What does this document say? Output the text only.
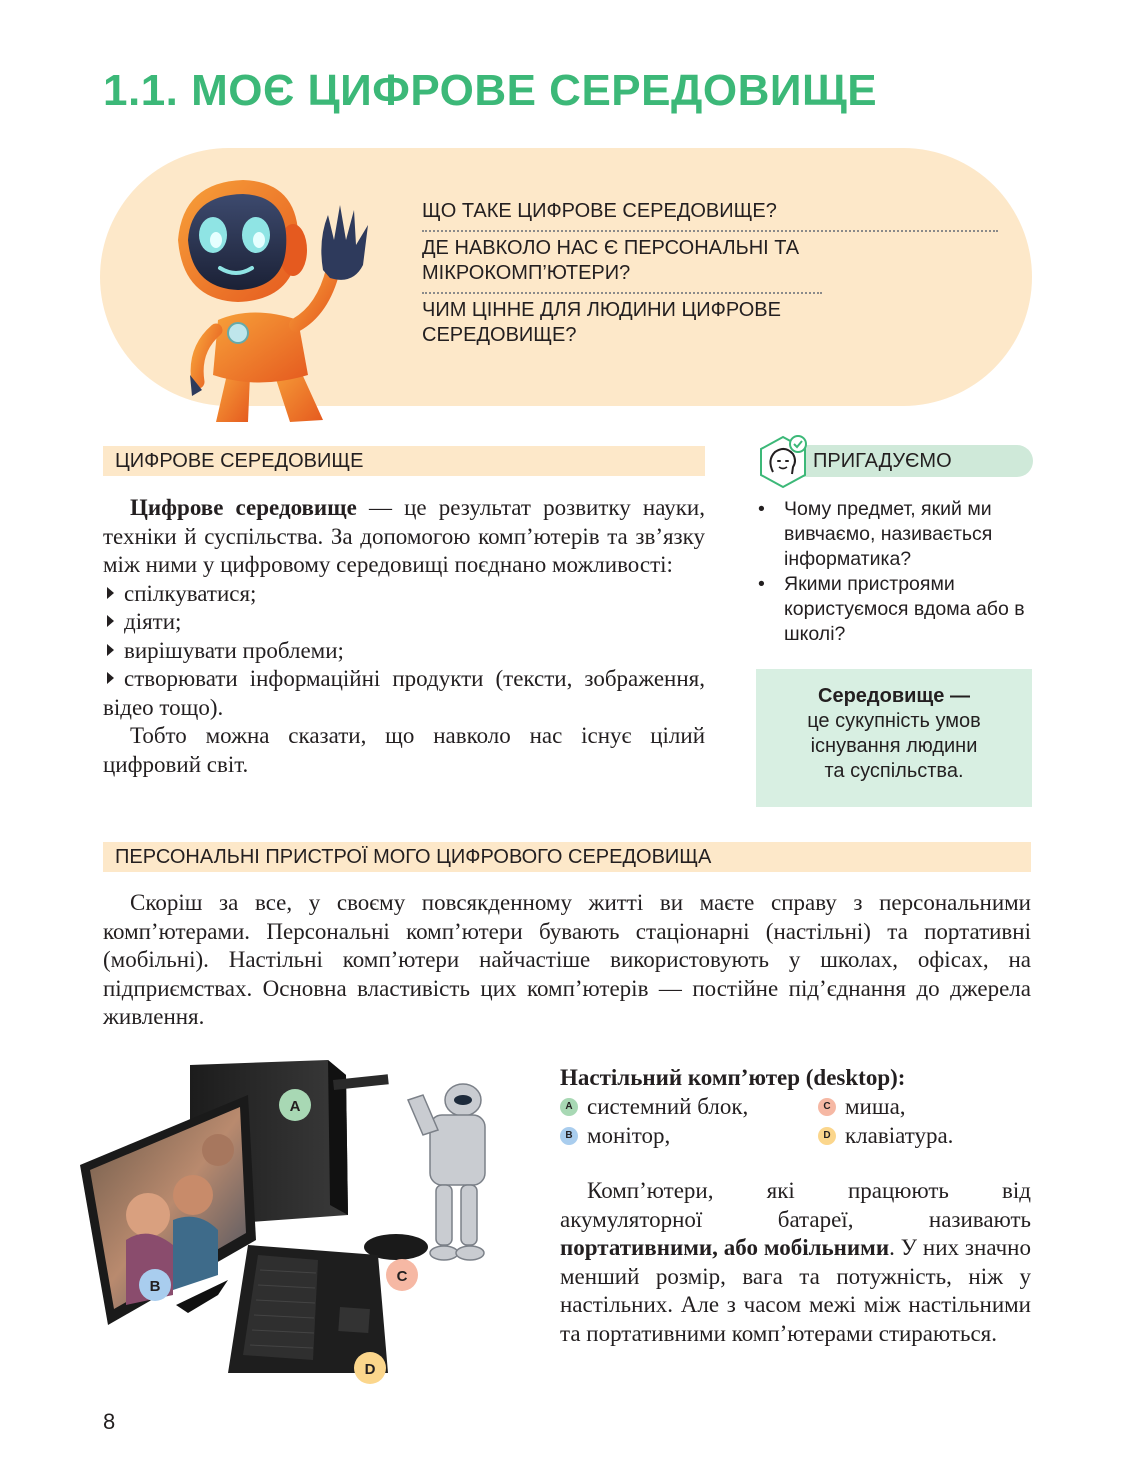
1.1. МОЄ ЦИФРОВЕ СЕРЕДОВИЩЕ
ЩО ТАКЕ ЦИФРОВЕ СЕРЕДОВИЩЕ?
ДЕ НАВКОЛО НАС Є ПЕРСОНАЛЬНІ ТА МІКРОКОМП’ЮТЕРИ?
ЧИМ ЦІННЕ ДЛЯ ЛЮДИНИ ЦИФРОВЕ СЕРЕДОВИЩЕ?
ЦИФРОВЕ СЕРЕДОВИЩЕ
Цифрове середовище — це результат розвитку науки, техніки й суспільства. За допомогою комп’ютерів та зв’язку між ними у цифровому середовищі поєднано можливості:
спілкуватися;
діяти;
вирішувати проблеми;
створювати інформаційні продукти (тексти, зображення, відео тощо).
Тобто можна сказати, що навколо нас існує цілий цифровий світ.
ПРИГАДУЄМО
• Чому предмет, який ми вивчаємо, називається інформатика?
• Якими пристроями користуємося вдома або в школі?
Середовище —
це сукупність умов
існування людини
та суспільства.
ПЕРСОНАЛЬНІ ПРИСТРОЇ МОГО ЦИФРОВОГО СЕРЕДОВИЩА
Скоріш за все, у своєму повсякденному житті ви маєте справу з персональними комп’ютерами. Персональні комп’ютери бувають стаціонарні (настільні) та портативні (мобільні). Настільні комп’ютери найчастіше використовують у школах, офісах, на підприємствах. Основна властивість цих комп’ютерів — постійне під’єднання до джерела живлення.
A
B
C
D
Настільний комп’ютер (desktop):
A системний блок,	C миша,
B монітор,	D клавіатура.
Комп’ютери, які працюють від акумуляторної батареї, називають портативними, або мобільними. У них значно менший розмір, вага та потужність, ніж у настільних. Але з часом межі між настільними та портативними комп’ютерами стираються.
8
